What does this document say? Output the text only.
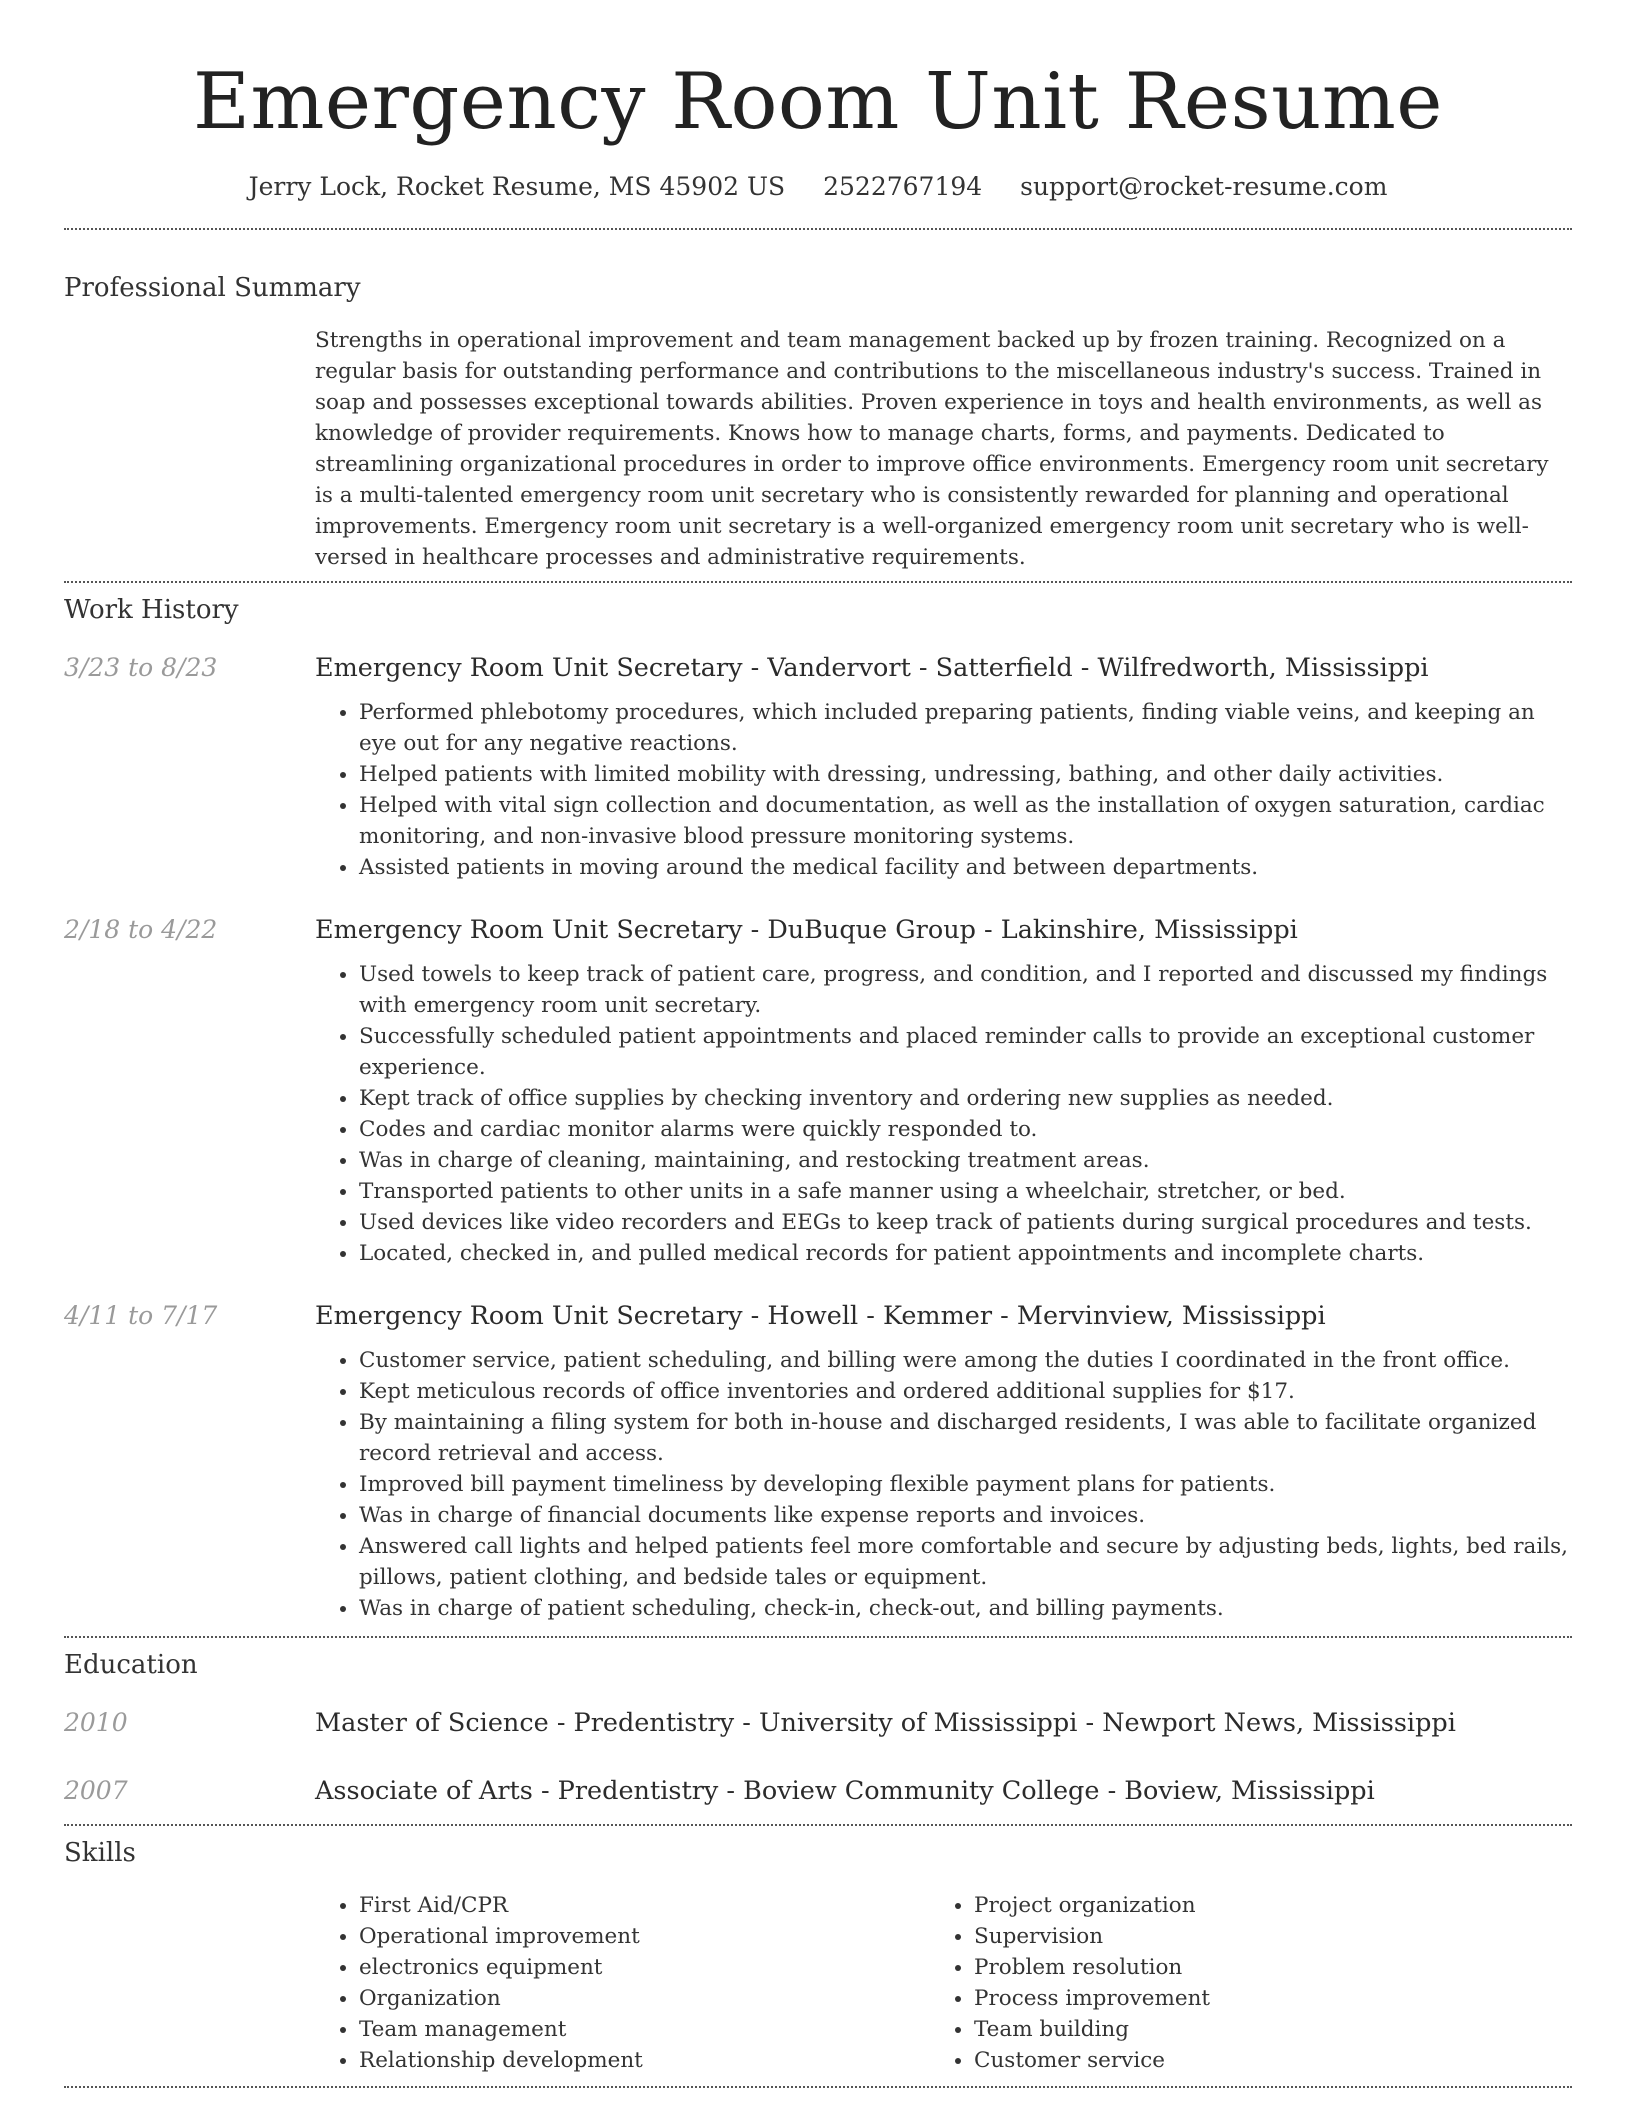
Emergency Room Unit Resume
Jerry Lock, Rocket Resume, MS 45902 US 2522767194 support@rocket-resume.com
Professional Summary

Strengths in operational improvement and team management backed up by frozen training. Recognized on a regular basis for outstanding performance and contributions to the miscellaneous industry's success. Trained in soap and possesses exceptional towards abilities. Proven experience in toys and health environments, as well as knowledge of provider requirements. Knows how to manage charts, forms, and payments. Dedicated to streamlining organizational procedures in order to improve office environments. Emergency room unit secretary is a multi-talented emergency room unit secretary who is consistently rewarded for planning and operational improvements. Emergency room unit secretary is a well-organized emergency room unit secretary who is well-versed in healthcare processes and administrative requirements.

Work History
3/23 to 8/23	Emergency Room Unit Secretary - Vandervort - Satterfield - Wilfredworth, Mississippi
• Performed phlebotomy procedures, which included preparing patients, finding viable veins, and keeping an eye out for any negative reactions.
• Helped patients with limited mobility with dressing, undressing, bathing, and other daily activities.
• Helped with vital sign collection and documentation, as well as the installation of oxygen saturation, cardiac monitoring, and non-invasive blood pressure monitoring systems.
• Assisted patients in moving around the medical facility and between departments.
2/18 to 4/22	Emergency Room Unit Secretary - DuBuque Group - Lakinshire, Mississippi
• Used towels to keep track of patient care, progress, and condition, and I reported and discussed my findings with emergency room unit secretary.
• Successfully scheduled patient appointments and placed reminder calls to provide an exceptional customer experience.
• Kept track of office supplies by checking inventory and ordering new supplies as needed.
• Codes and cardiac monitor alarms were quickly responded to.
• Was in charge of cleaning, maintaining, and restocking treatment areas.
• Transported patients to other units in a safe manner using a wheelchair, stretcher, or bed.
• Used devices like video recorders and EEGs to keep track of patients during surgical procedures and tests.
• Located, checked in, and pulled medical records for patient appointments and incomplete charts.
4/11 to 7/17	Emergency Room Unit Secretary - Howell - Kemmer - Mervinview, Mississippi
• Customer service, patient scheduling, and billing were among the duties I coordinated in the front office.
• Kept meticulous records of office inventories and ordered additional supplies for $17.
• By maintaining a filing system for both in-house and discharged residents, I was able to facilitate organized record retrieval and access.
• Improved bill payment timeliness by developing flexible payment plans for patients.
• Was in charge of financial documents like expense reports and invoices.
• Answered call lights and helped patients feel more comfortable and secure by adjusting beds, lights, bed rails, pillows, patient clothing, and bedside tales or equipment.
• Was in charge of patient scheduling, check-in, check-out, and billing payments.
Education
2010	Master of Science - Predentistry - University of Mississippi - Newport News, Mississippi
2007	Associate of Arts - Predentistry - Boview Community College - Boview, Mississippi
Skills
• First Aid/CPR
• Operational improvement
• electronics equipment
• Organization
• Team management
• Relationship development
• Project organization
• Supervision
• Problem resolution
• Process improvement
• Team building
• Customer service
